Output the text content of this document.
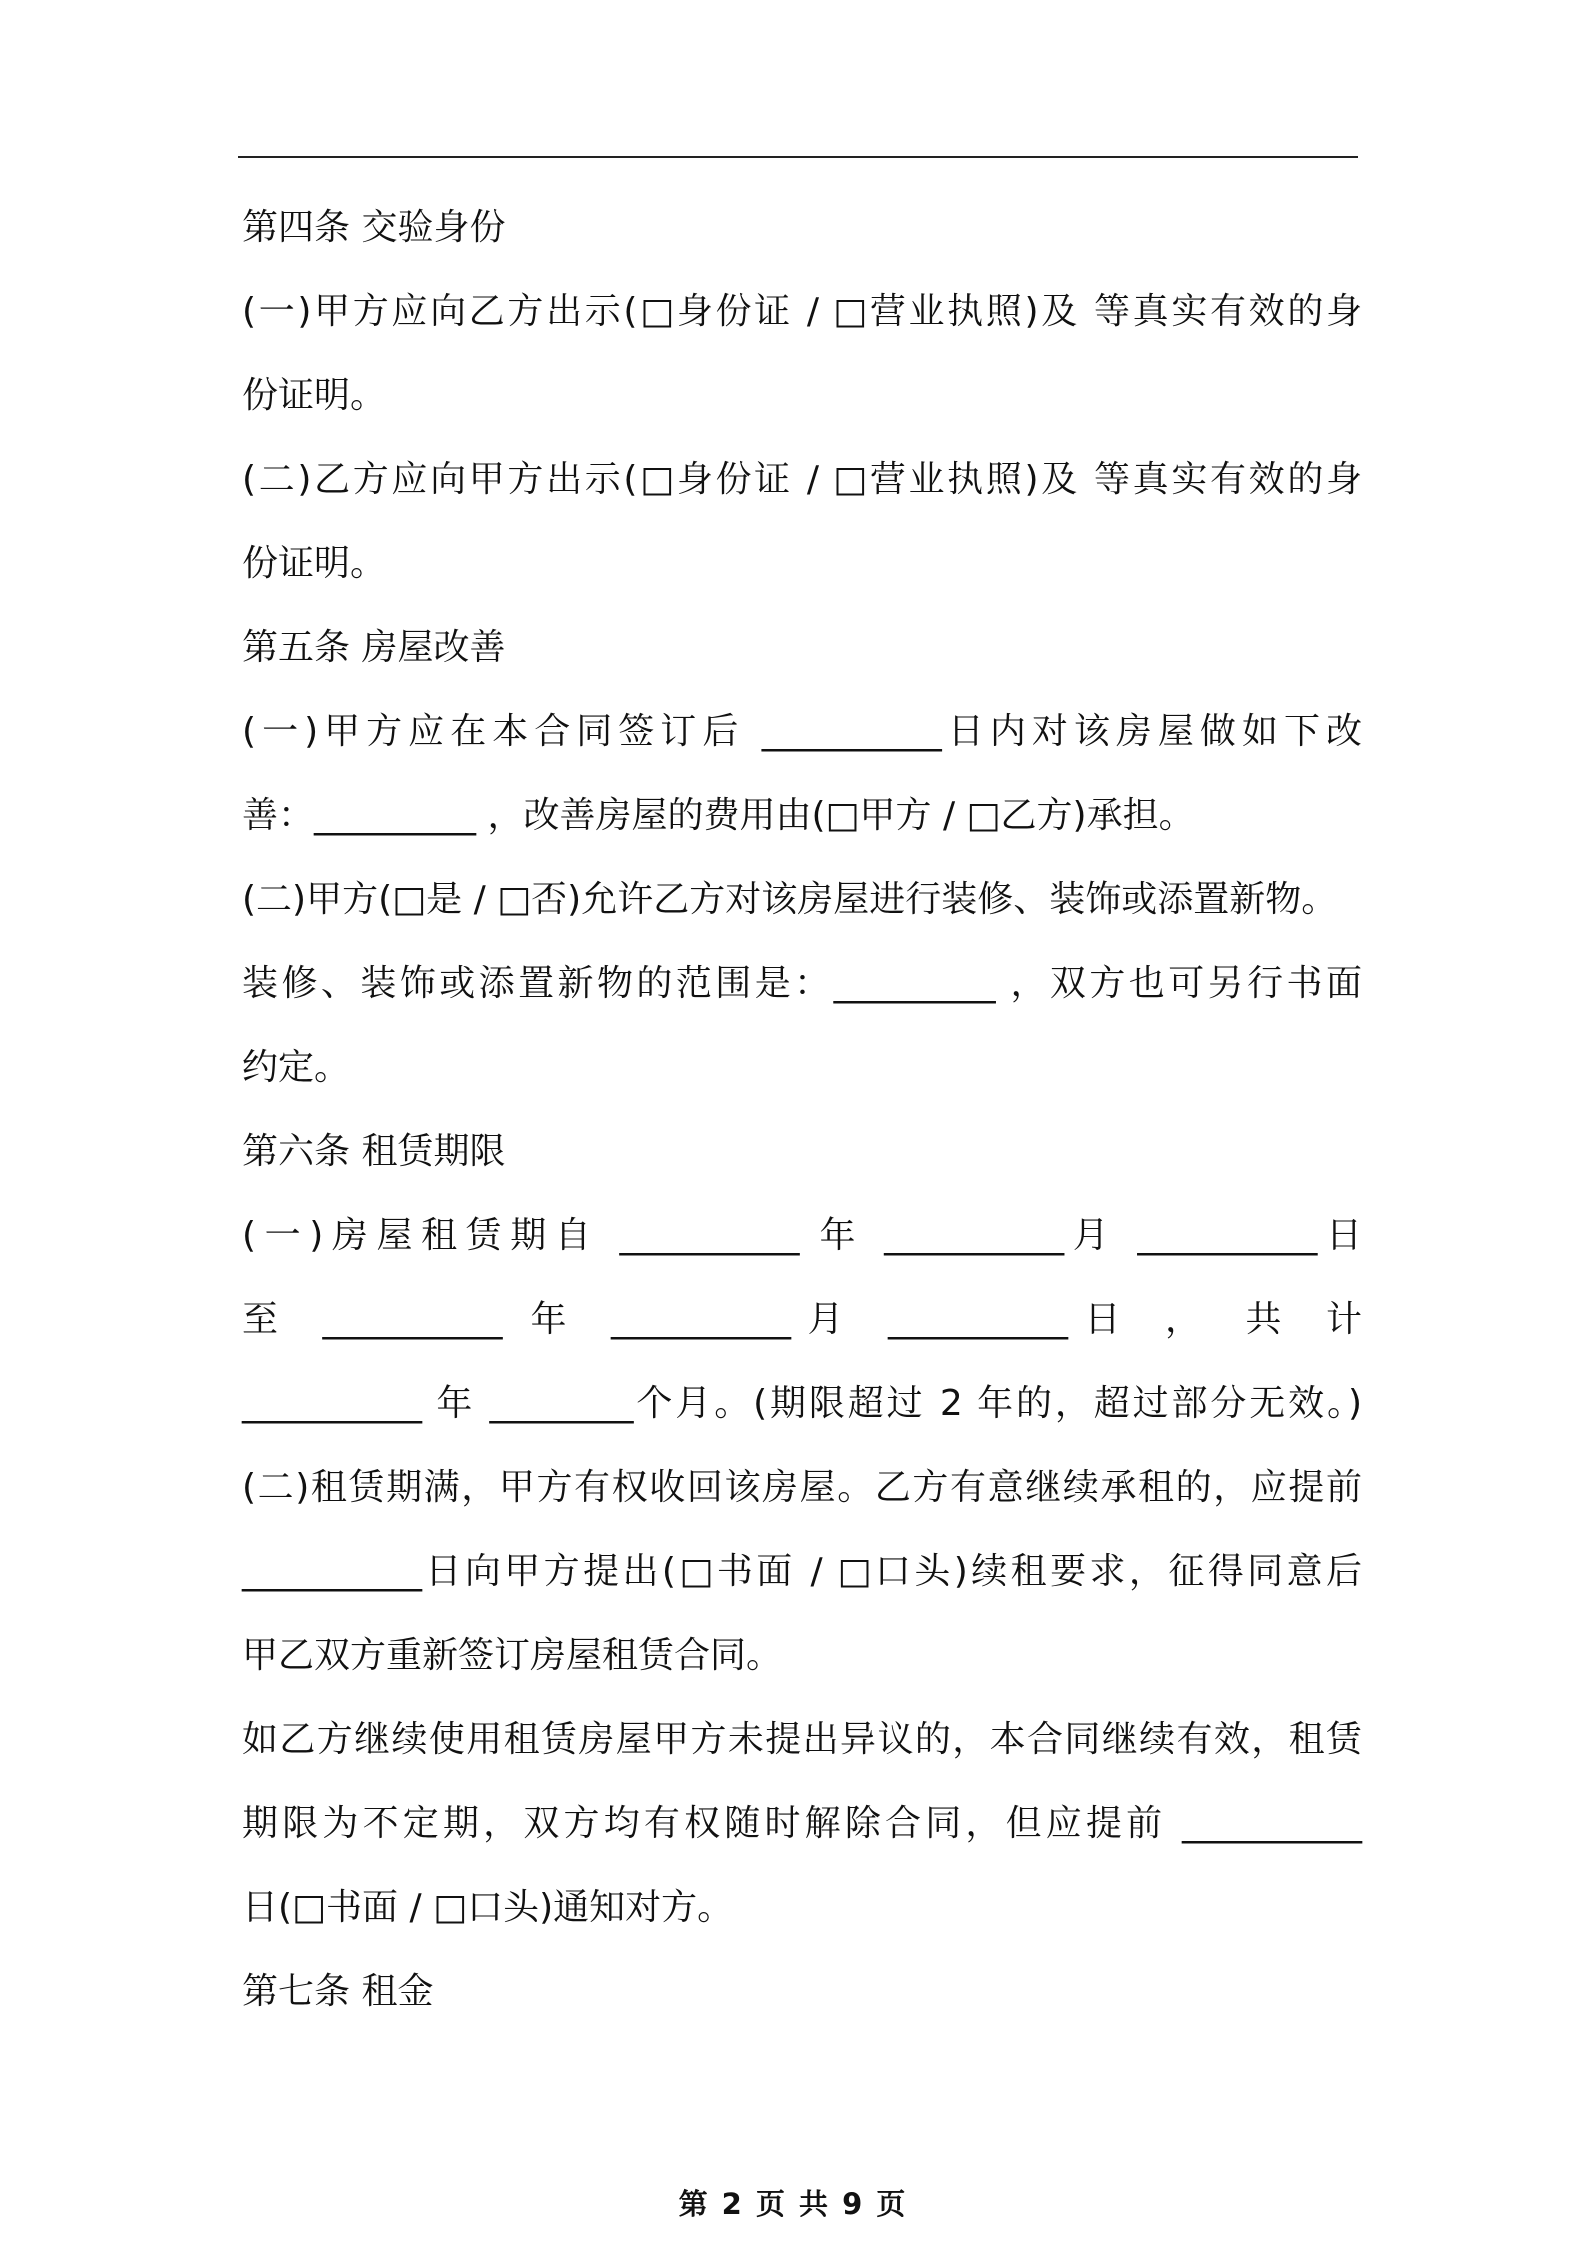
第四条 交验身份
(一)甲方应向乙方出示(□身份证 / □营业执照)及 等真实有效的身
份证明。
(二)乙方应向甲方出示(□身份证 / □营业执照)及 等真实有效的身
份证明。
第五条 房屋改善
(一)甲方应在本合同签订后 __________日内对该房屋做如下改
善：_________ ，改善房屋的费用由(□甲方 / □乙方)承担。
(二)甲方(□是 / □否)允许乙方对该房屋进行装修、装饰或添置新物。
装修、装饰或添置新物的范围是：_________ ，双方也可另行书面
约定。
第六条 租赁期限
(一)房屋租赁期自 __________ 年 __________月 __________日
至 __________ 年 __________月 __________日 ， 共 计
__________ 年 ________个月。(期限超过 2 年的，超过部分无效。)
(二)租赁期满，甲方有权收回该房屋。乙方有意继续承租的，应提前
__________日向甲方提出(□书面 / □口头)续租要求，征得同意后
甲乙双方重新签订房屋租赁合同。
如乙方继续使用租赁房屋甲方未提出异议的，本合同继续有效，租赁
期限为不定期，双方均有权随时解除合同，但应提前 __________
日(□书面 / □口头)通知对方。
第七条 租金
第 2 页 共 9 页
